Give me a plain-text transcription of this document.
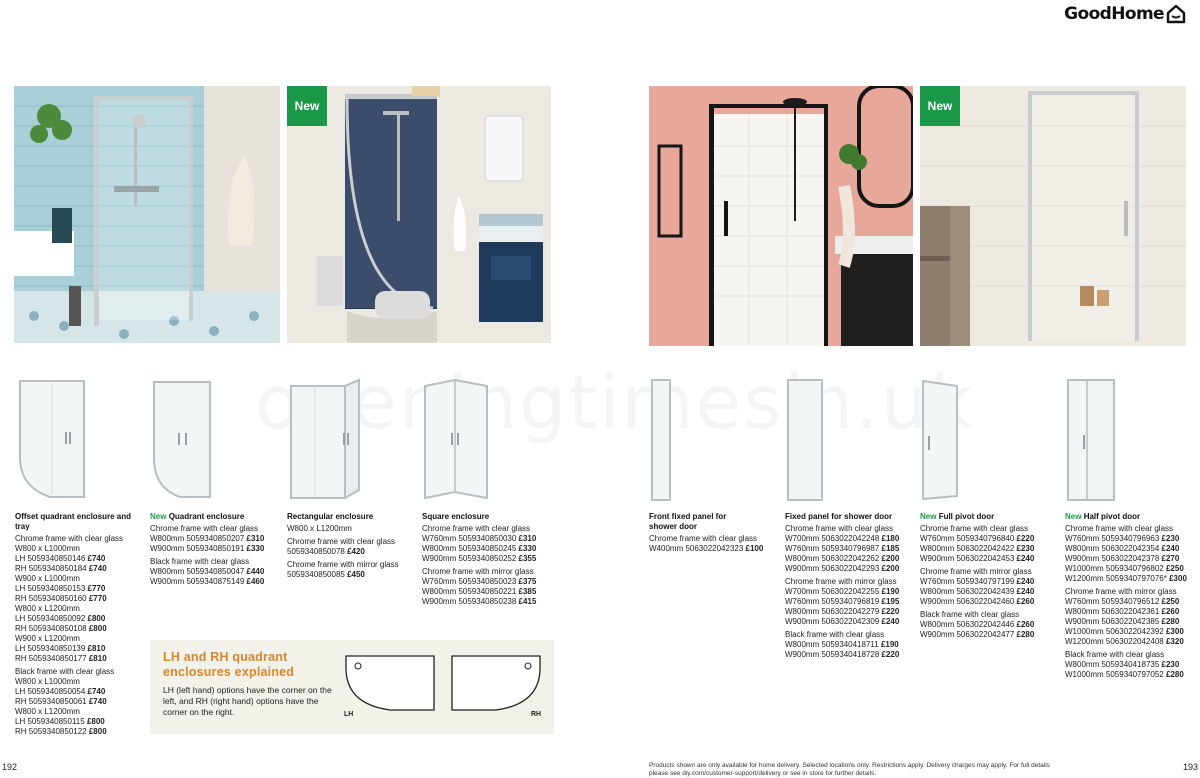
GoodHome
New	New
Offset quadrant enclosure and tray
Chrome frame with clear glass
W800 x L1000mm
LH 5059340850146 £740
RH 5059340850184 £740
W900 x L1000mm
LH 5059340850153 £770
RH 5059340850160 £770
W800 x L1200mm
LH 5059340850092 £800
RH 5059340850108 £800
W900 x L1200mm
LH 5059340850139 £810
RH 5059340850177 £810
Black frame with clear glass
W800 x L1000mm
LH 5059340850054 £740
RH 5059340850061 £740
W800 x L1200mm
LH 5059340850115 £800
RH 5059340850122 £800
New Quadrant enclosure
Chrome frame with clear glass
W800mm 5059340850207 £310
W900mm 5059340850191 £330
Black frame with clear glass
W800mm 5059340850047 £440
W900mm 5059340875149 £460
Rectangular enclosure
W800 x L1200mm
Chrome frame with clear glass
5059340850078 £420
Chrome frame with mirror glass
5059340850085 £450
Square enclosure
Chrome frame with clear glass
W760mm 5059340850030 £310
W800mm 5059340850245 £330
W900mm 5059340850252 £355
Chrome frame with mirror glass
W760mm 5059340850023 £375
W800mm 5059340850221 £385
W900mm 5059340850238 £415
Front fixed panel for shower door
Chrome frame with clear glass
W400mm 5063022042323 £100
Fixed panel for shower door
Chrome frame with clear glass
W700mm 5063022042248 £180
W760mm 5059340796987 £185
W800mm 5063022042262 £200
W900mm 5063022042293 £200
Chrome frame with mirror glass
W700mm 5063022042255 £190
W760mm 5059340796819 £195
W800mm 5063022042279 £220
W900mm 5063022042309 £240
Black frame with clear glass
W800mm 5059340418711 £190
W900mm 5059340418728 £220
New Full pivot door
Chrome frame with clear glass
W760mm 5059340796840 £220
W800mm 5063022042422 £230
W900mm 5063022042453 £240
Chrome frame with mirror glass
W760mm 5059340797199 £240
W800mm 5063022042439 £240
W900mm 5063022042460 £260
Black frame with clear glass
W800mm 5063022042446 £260
W900mm 5063022042477 £280
New Half pivot door
Chrome frame with clear glass
W760mm 5059340796963 £230
W800mm 5063022042354 £240
W900mm 5063022042378 £270
W1000mm 5059340796802 £250
W1200mm 5059340797076* £300
Chrome frame with mirror glass
W760mm 5059340796512 £250
W800mm 5063022042361 £260
W900mm 5063022042385 £280
W1000mm 5063022042392 £300
W1200mm 5063022042408 £320
Black frame with clear glass
W800mm 5059340418735 £230
W1000mm 5059340797052 £280
LH and RH quadrant enclosures explained
LH (left hand) options have the corner on the left, and RH (right hand) options have the corner on the right.	LH	RH
192	193
Products shown are only available for home delivery. Selected locations only. Restrictions apply. Delivery charges may apply. For full details please see diy.com/customer-support/delivery or see in store for further details.
